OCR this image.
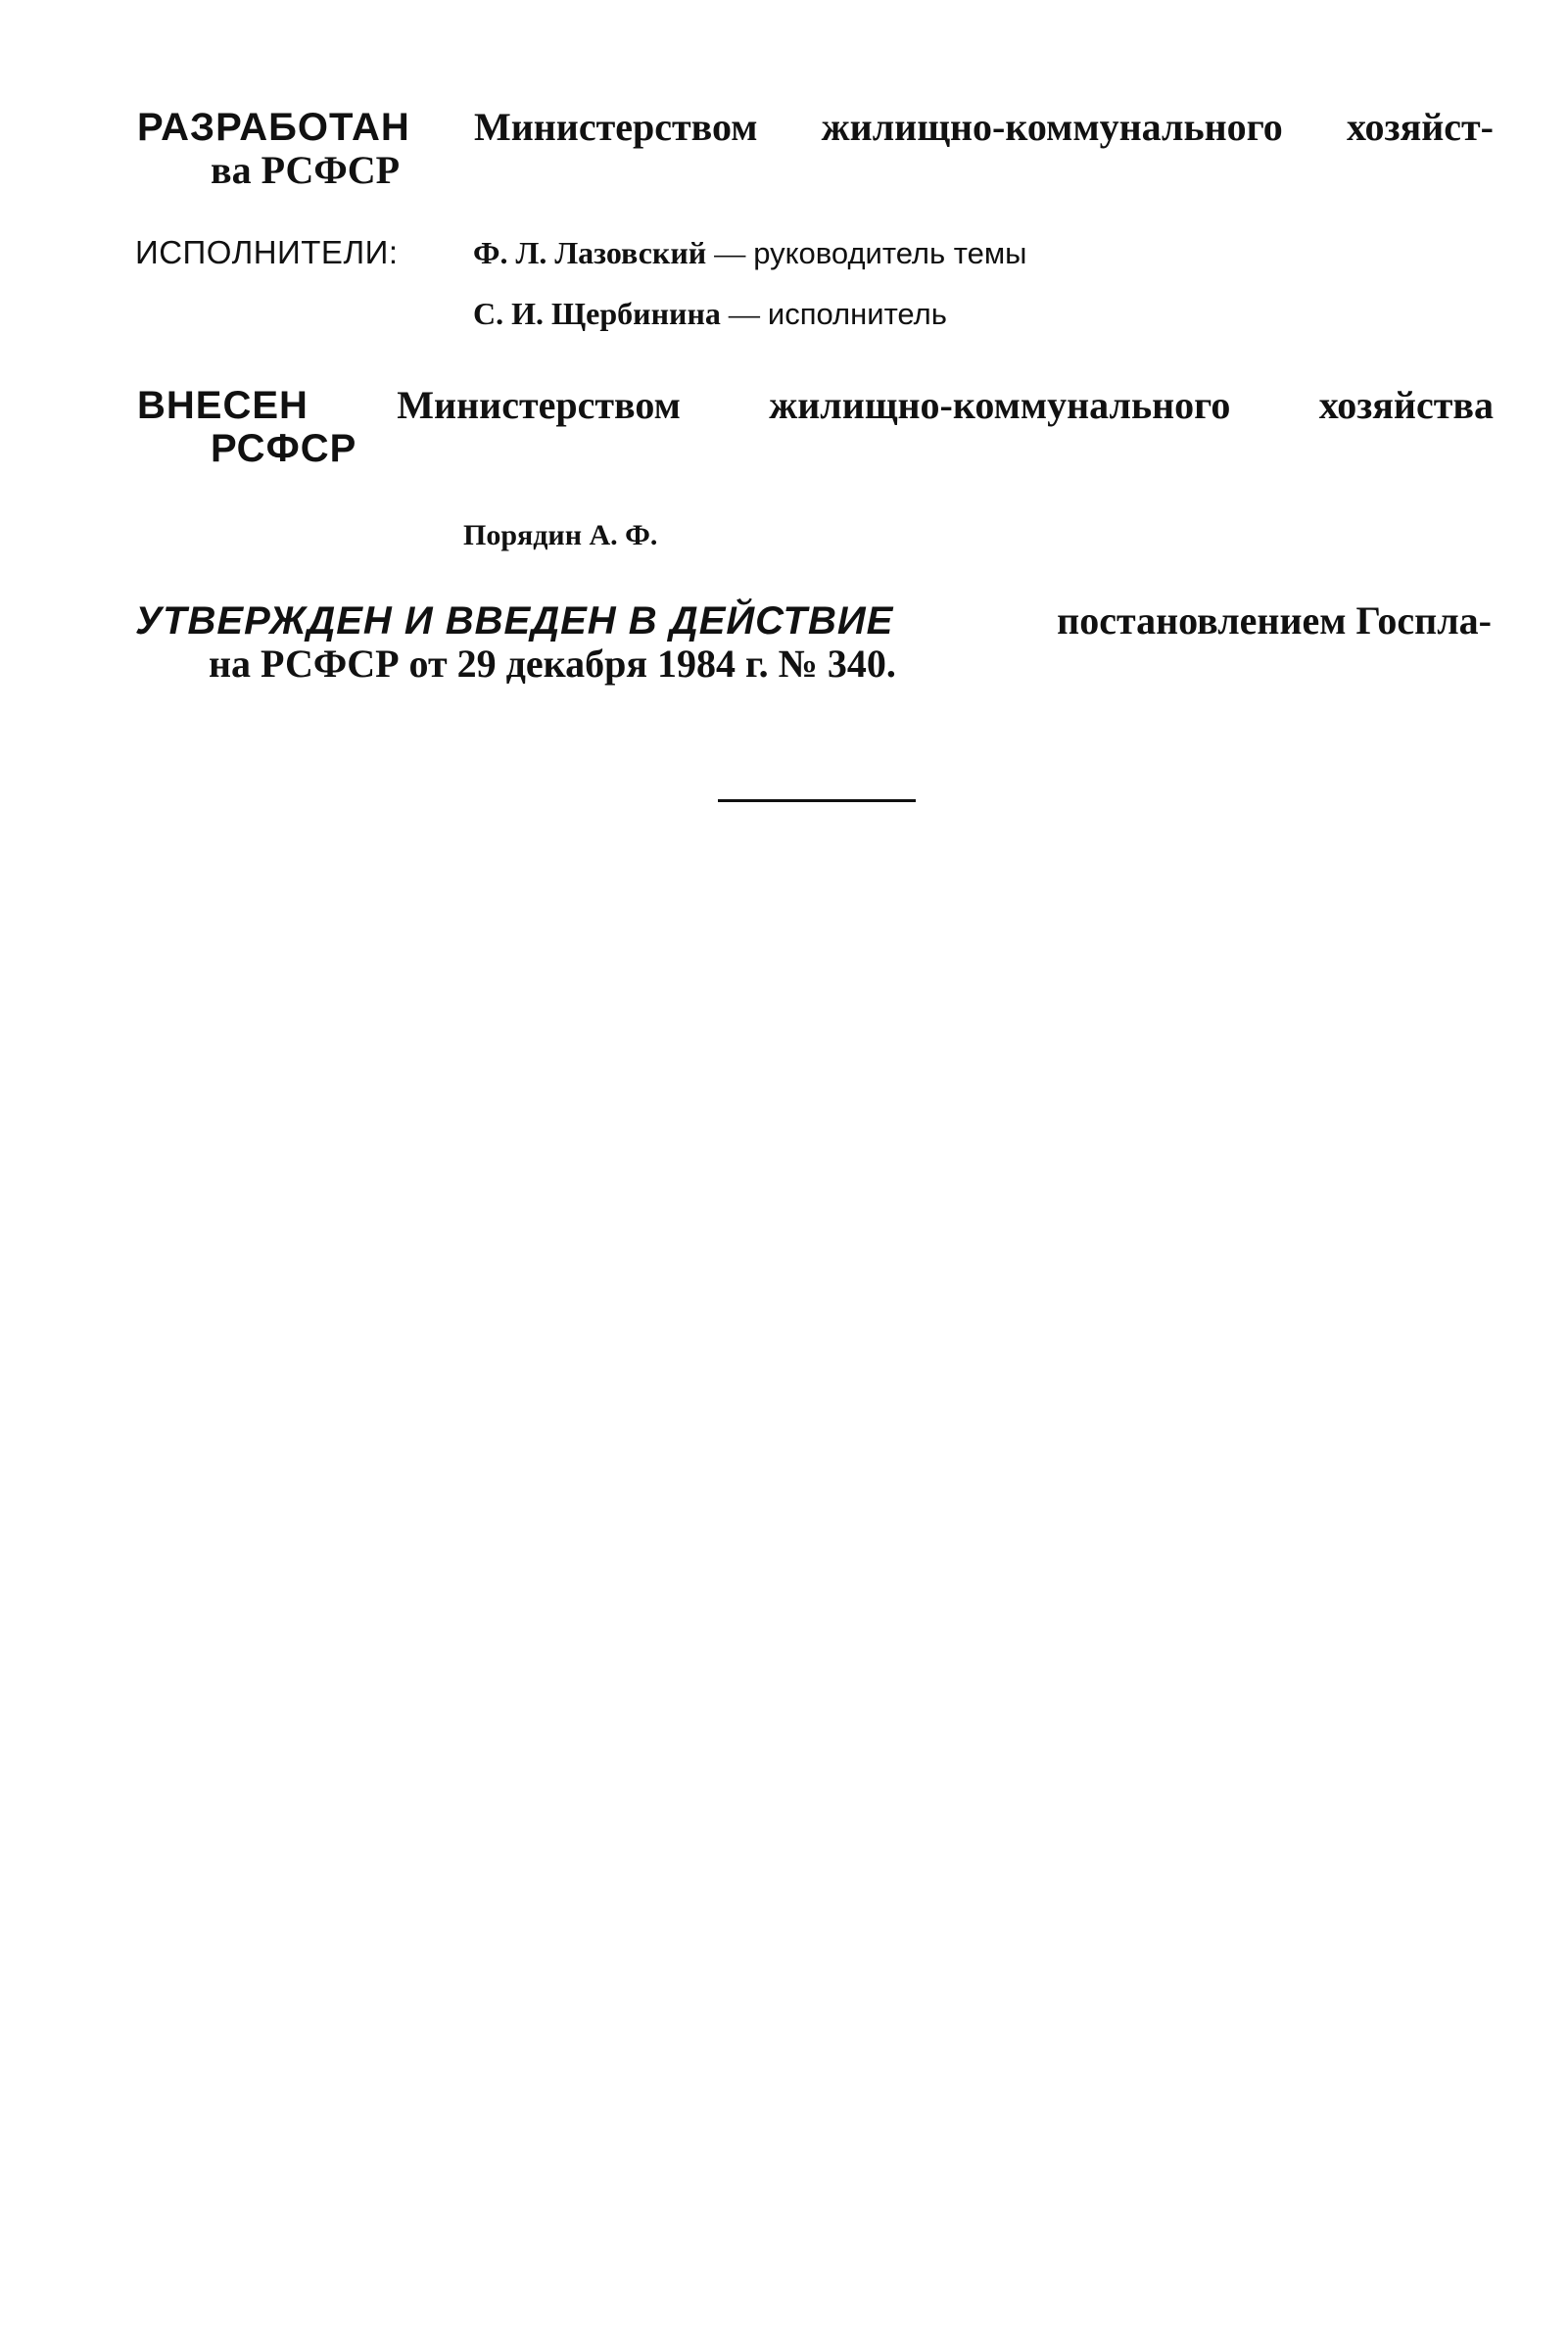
РАЗРАБОТАН Министерством жилищно-коммунального хозяйст-
ва РСФСР
ИСПОЛНИТЕЛИ: Ф. Л. Лазовский — руководитель темы
С. И. Щербинина — исполнитель
ВНЕСЕН Министерством жилищно-коммунального хозяйства
РСФСР
Порядин А. Ф.
УТВЕРЖДЕН И ВВЕДЕН В ДЕЙСТВИЕ	постановлением Госпла-
на РСФСР от 29 декабря 1984 г. № 340.
